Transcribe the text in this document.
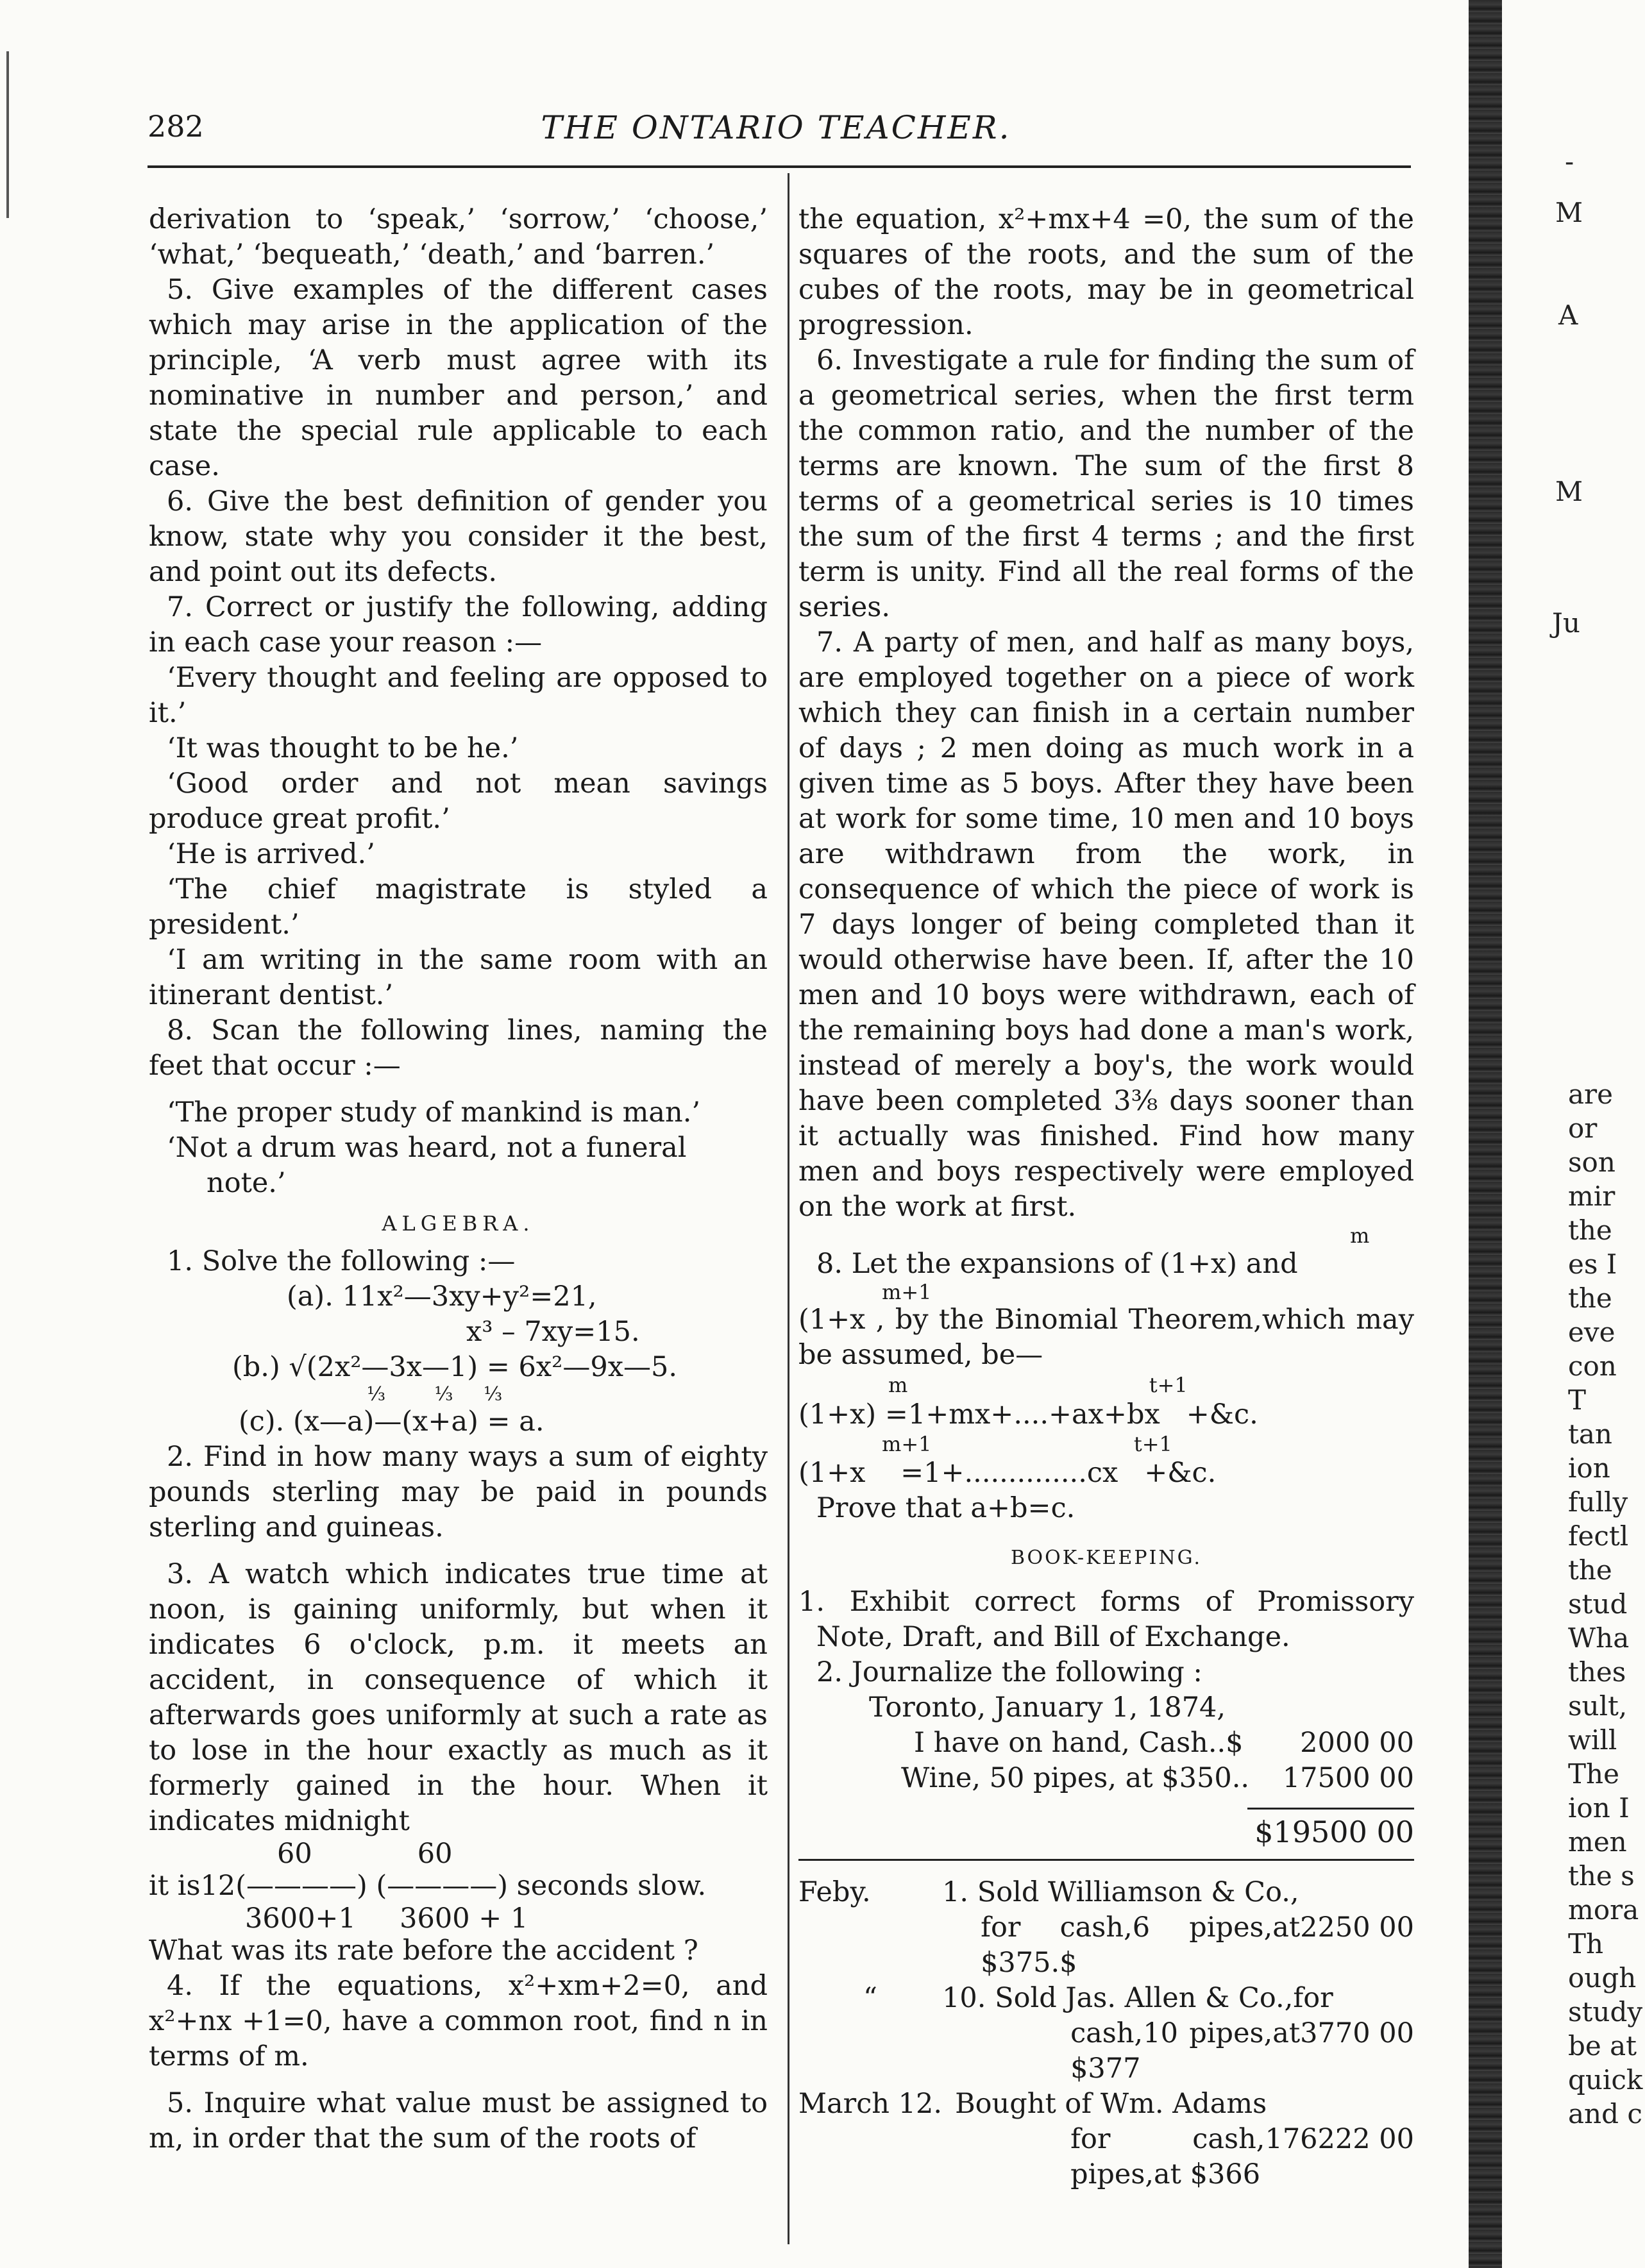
282	THE ONTARIO TEACHER.

derivation to ‘speak,’ ‘sorrow,’ ‘choose,’ ‘what,’ ‘bequeath,’ ‘death,’ and ‘barren.’

5. Give examples of the different cases which may arise in the application of the principle, ‘A verb must agree with its nominative in number and person,’ and state the special rule applicable to each case.

6. Give the best definition of gender you know, state why you consider it the best, and point out its defects.

7. Correct or justify the following, adding in each case your reason :—

‘Every thought and feeling are opposed to it.’

‘It was thought to be he.’

‘Good order and not mean savings produce great profit.’

‘He is arrived.’

‘The chief magistrate is styled a president.’

‘I am writing in the same room with an itinerant dentist.’

8. Scan the following lines, naming the feet that occur :—

‘The proper study of mankind is man.’

‘Not a drum was heard, not a funeral note.’

ALGEBRA.

1. Solve the following :—

(a). 11x²—3xy+y²=21,

x³ – 7xy=15.

(b.) √(2x²—3x—1) = 6x²—9x—5.

⅓        ⅓     ⅓

(c). (x—a)—(x+a) = a.

2. Find in how many ways a sum of eighty pounds sterling may be paid in pounds sterling and guineas.

3. A watch which indicates true time at noon, is gaining uniformly, but when it indicates 6 o'clock, p.m. it meets an accident, in consequence of which it afterwards goes uniformly at such a rate as to lose in the hour exactly as much as it formerly gained in the hour. When it indicates midnight

60            60

it is12(————) (————) seconds slow.

3600+1     3600 + 1

What was its rate before the accident ?

4. If the equations, x²+xm+2=0, and x²+nx +1=0, have a common root, find n in terms of m.

5. Inquire what value must be assigned to m, in order that the sum of the roots of

the equation, x²+mx+4 =0, the sum of the squares of the roots, and the sum of the cubes of the roots, may be in geometrical progression.

6. Investigate a rule for finding the sum of a geometrical series, when the first term the common ratio, and the number of the terms are known. The sum of the first 8 terms of a geometrical series is 10 times the sum of the first 4 terms ; and the first term is unity. Find all the real forms of the series.

7. A party of men, and half as many boys, are employed together on a piece of work which they can finish in a certain number of days ; 2 men doing as much work in a given time as 5 boys. After they have been at work for some time, 10 men and 10 boys are withdrawn from the work, in consequence of which the piece of work is 7 days longer of being completed than it would otherwise have been. If, after the 10 men and 10 boys were withdrawn, each of the remaining boys had done a man's work, instead of merely a boy's, the work would have been completed 3⅜ days sooner than it actually was finished. Find how many men and boys respectively were employed on the work at first.

m

8. Let the expansions of (1+x) and

m+1

(1+x , by the Binomial Theorem,which may be assumed, be—

m                                     t+1

(1+x) =1+mx+....+ax+bx   +&c.

m+1                               t+1

(1+x    =1+..............cx   +&c.

Prove that a+b=c.

BOOK-KEEPING.

1. Exhibit correct forms of Promissory Note, Draft, and Bill of Exchange.

2. Journalize the following :

Toronto, January 1, 1874,

I have on hand, Cash..$	2000 00
Wine, 50 pipes, at $350..	17500 00

$19500 00

Feby.	1. Sold Williamson & Co.,	
	for cash,6 pipes,at $375.$	2250 00
“	10. Sold Jas. Allen & Co.,for	
	cash,10 pipes,at $377	3770 00
March 12.	Bought of Wm. Adams	
	for cash,17 pipes,at $366	6222 00
-
M
A
M
Ju
are
or
son
mir
the
es I
the
eve
con
T
tan
ion
fully
fectl
the
stud
Wha
thes
sult,
will
The
ion I
men
the s
mora
Th
ough
study
be at
quick
and c
